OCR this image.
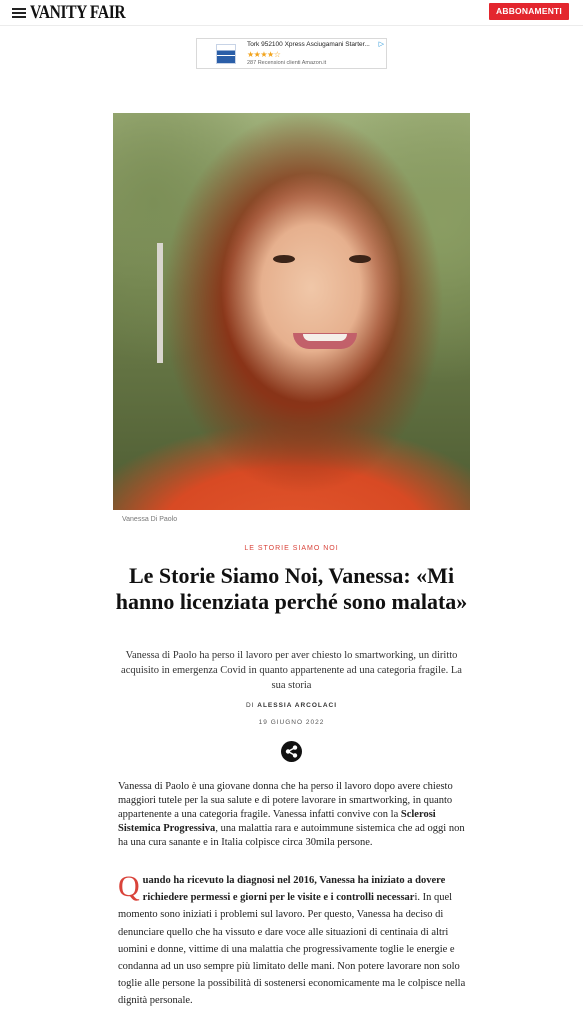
VANITY FAIR	ABBONAMENTI
Tork 952100 Xpress Asciugamani Starter...
★★★★☆
287 Recensioni clienti Amazon.it
▷
Vanessa Di Paolo
LE STORIE SIAMO NOI
Le Storie Siamo Noi, Vanessa: «Mi hanno licenziata perché sono malata»

Vanessa di Paolo ha perso il lavoro per aver chiesto lo smartworking, un diritto acquisito in emergenza Covid in quanto appartenente ad una categoria fragile. La sua storia

DI ALESSIA ARCOLACI
19 GIUGNO 2022

Vanessa di Paolo è una giovane donna che ha perso il lavoro dopo avere chiesto maggiori tutele per la sua salute e di potere lavorare in smartworking, in quanto appartenente a una categoria fragile. Vanessa infatti convive con la Sclerosi Sistemica Progressiva, una malattia rara e autoimmune sistemica che ad oggi non ha una cura sanante e in Italia colpisce circa 30mila persone.

Quando ha ricevuto la diagnosi nel 2016, Vanessa ha iniziato a dovere richiedere permessi e giorni per le visite e i controlli necessari. In quel momento sono iniziati i problemi sul lavoro. Per questo, Vanessa ha deciso di denunciare quello che ha vissuto e dare voce alle situazioni di centinaia di altri uomini e donne, vittime di una malattia che progressivamente toglie le energie e condanna ad un uso sempre più limitato delle mani. Non potere lavorare non solo toglie alle persone la possibilità di sostenersi economicamente ma le colpisce nella dignità personale.
